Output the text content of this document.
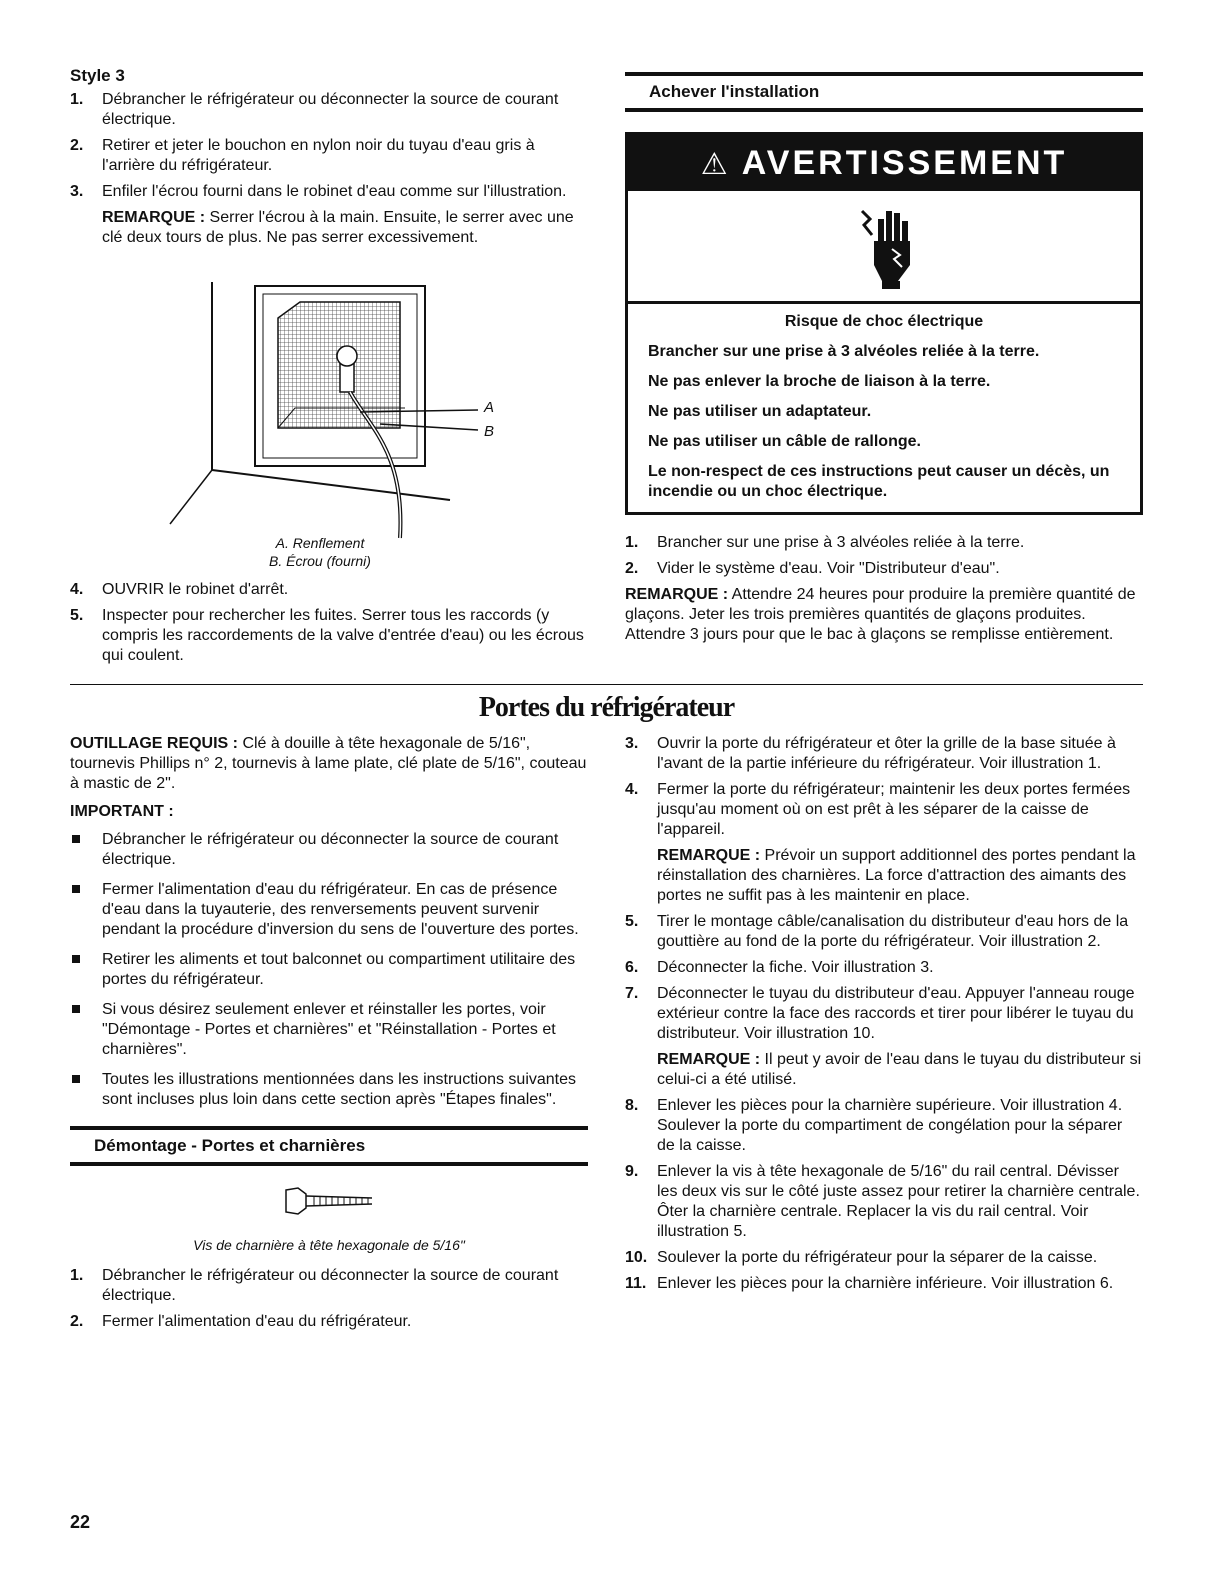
Style 3
1. Débrancher le réfrigérateur ou déconnecter la source de courant électrique.
2. Retirer et jeter le bouchon en nylon noir du tuyau d'eau gris à l'arrière du réfrigérateur.
3. Enfiler l'écrou fourni dans le robinet d'eau comme sur l'illustration.

REMARQUE : Serrer l'écrou à la main. Ensuite, le serrer avec une clé deux tours de plus. Ne pas serrer excessivement.

A
B
A. Renflement
B. Écrou (fourni)
4. OUVRIR le robinet d'arrêt.
5. Inspecter pour rechercher les fuites. Serrer tous les raccords (y compris les raccordements de la valve d'entrée d'eau) ou les écrous qui coulent.
Achever l'installation
⚠ AVERTISSEMENT

Risque de choc électrique

Brancher sur une prise à 3 alvéoles reliée à la terre.

Ne pas enlever la broche de liaison à la terre.

Ne pas utiliser un adaptateur.

Ne pas utiliser un câble de rallonge.

Le non-respect de ces instructions peut causer un décès, un incendie ou un choc électrique.

1. Brancher sur une prise à 3 alvéoles reliée à la terre.
2. Vider le système d'eau. Voir "Distributeur d'eau".

REMARQUE : Attendre 24 heures pour produire la première quantité de glaçons. Jeter les trois premières quantités de glaçons produites. Attendre 3 jours pour que le bac à glaçons se remplisse entièrement.

Portes du réfrigérateur

OUTILLAGE REQUIS : Clé à douille à tête hexagonale de 5/16", tournevis Phillips n° 2, tournevis à lame plate, clé plate de 5/16", couteau à mastic de 2".

IMPORTANT :

Débrancher le réfrigérateur ou déconnecter la source de courant électrique.
Fermer l'alimentation d'eau du réfrigérateur. En cas de présence d'eau dans la tuyauterie, des renversements peuvent survenir pendant la procédure d'inversion du sens de l'ouverture des portes.
Retirer les aliments et tout balconnet ou compartiment utilitaire des portes du réfrigérateur.
Si vous désirez seulement enlever et réinstaller les portes, voir "Démontage - Portes et charnières" et "Réinstallation - Portes et charnières".
Toutes les illustrations mentionnées dans les instructions suivantes sont incluses plus loin dans cette section après "Étapes finales".
Démontage - Portes et charnières
Vis de charnière à tête hexagonale de 5/16"
1. Débrancher le réfrigérateur ou déconnecter la source de courant électrique.
2. Fermer l'alimentation d'eau du réfrigérateur.
3. Ouvrir la porte du réfrigérateur et ôter la grille de la base située à l'avant de la partie inférieure du réfrigérateur. Voir illustration 1.
4. Fermer la porte du réfrigérateur; maintenir les deux portes fermées jusqu'au moment où on est prêt à les séparer de la caisse de l'appareil.

REMARQUE : Prévoir un support additionnel des portes pendant la réinstallation des charnières. La force d'attraction des aimants des portes ne suffit pas à les maintenir en place.

5. Tirer le montage câble/canalisation du distributeur d'eau hors de la gouttière au fond de la porte du réfrigérateur. Voir illustration 2.
6. Déconnecter la fiche. Voir illustration 3.
7. Déconnecter le tuyau du distributeur d'eau. Appuyer l'anneau rouge extérieur contre la face des raccords et tirer pour libérer le tuyau du distributeur. Voir illustration 10.

REMARQUE : Il peut y avoir de l'eau dans le tuyau du distributeur si celui-ci a été utilisé.

8. Enlever les pièces pour la charnière supérieure. Voir illustration 4. Soulever la porte du compartiment de congélation pour la séparer de la caisse.
9. Enlever la vis à tête hexagonale de 5/16" du rail central. Dévisser les deux vis sur le côté juste assez pour retirer la charnière centrale. Ôter la charnière centrale. Replacer la vis du rail central. Voir illustration 5.
10. Soulever la porte du réfrigérateur pour la séparer de la caisse.
11. Enlever les pièces pour la charnière inférieure. Voir illustration 6.
22
